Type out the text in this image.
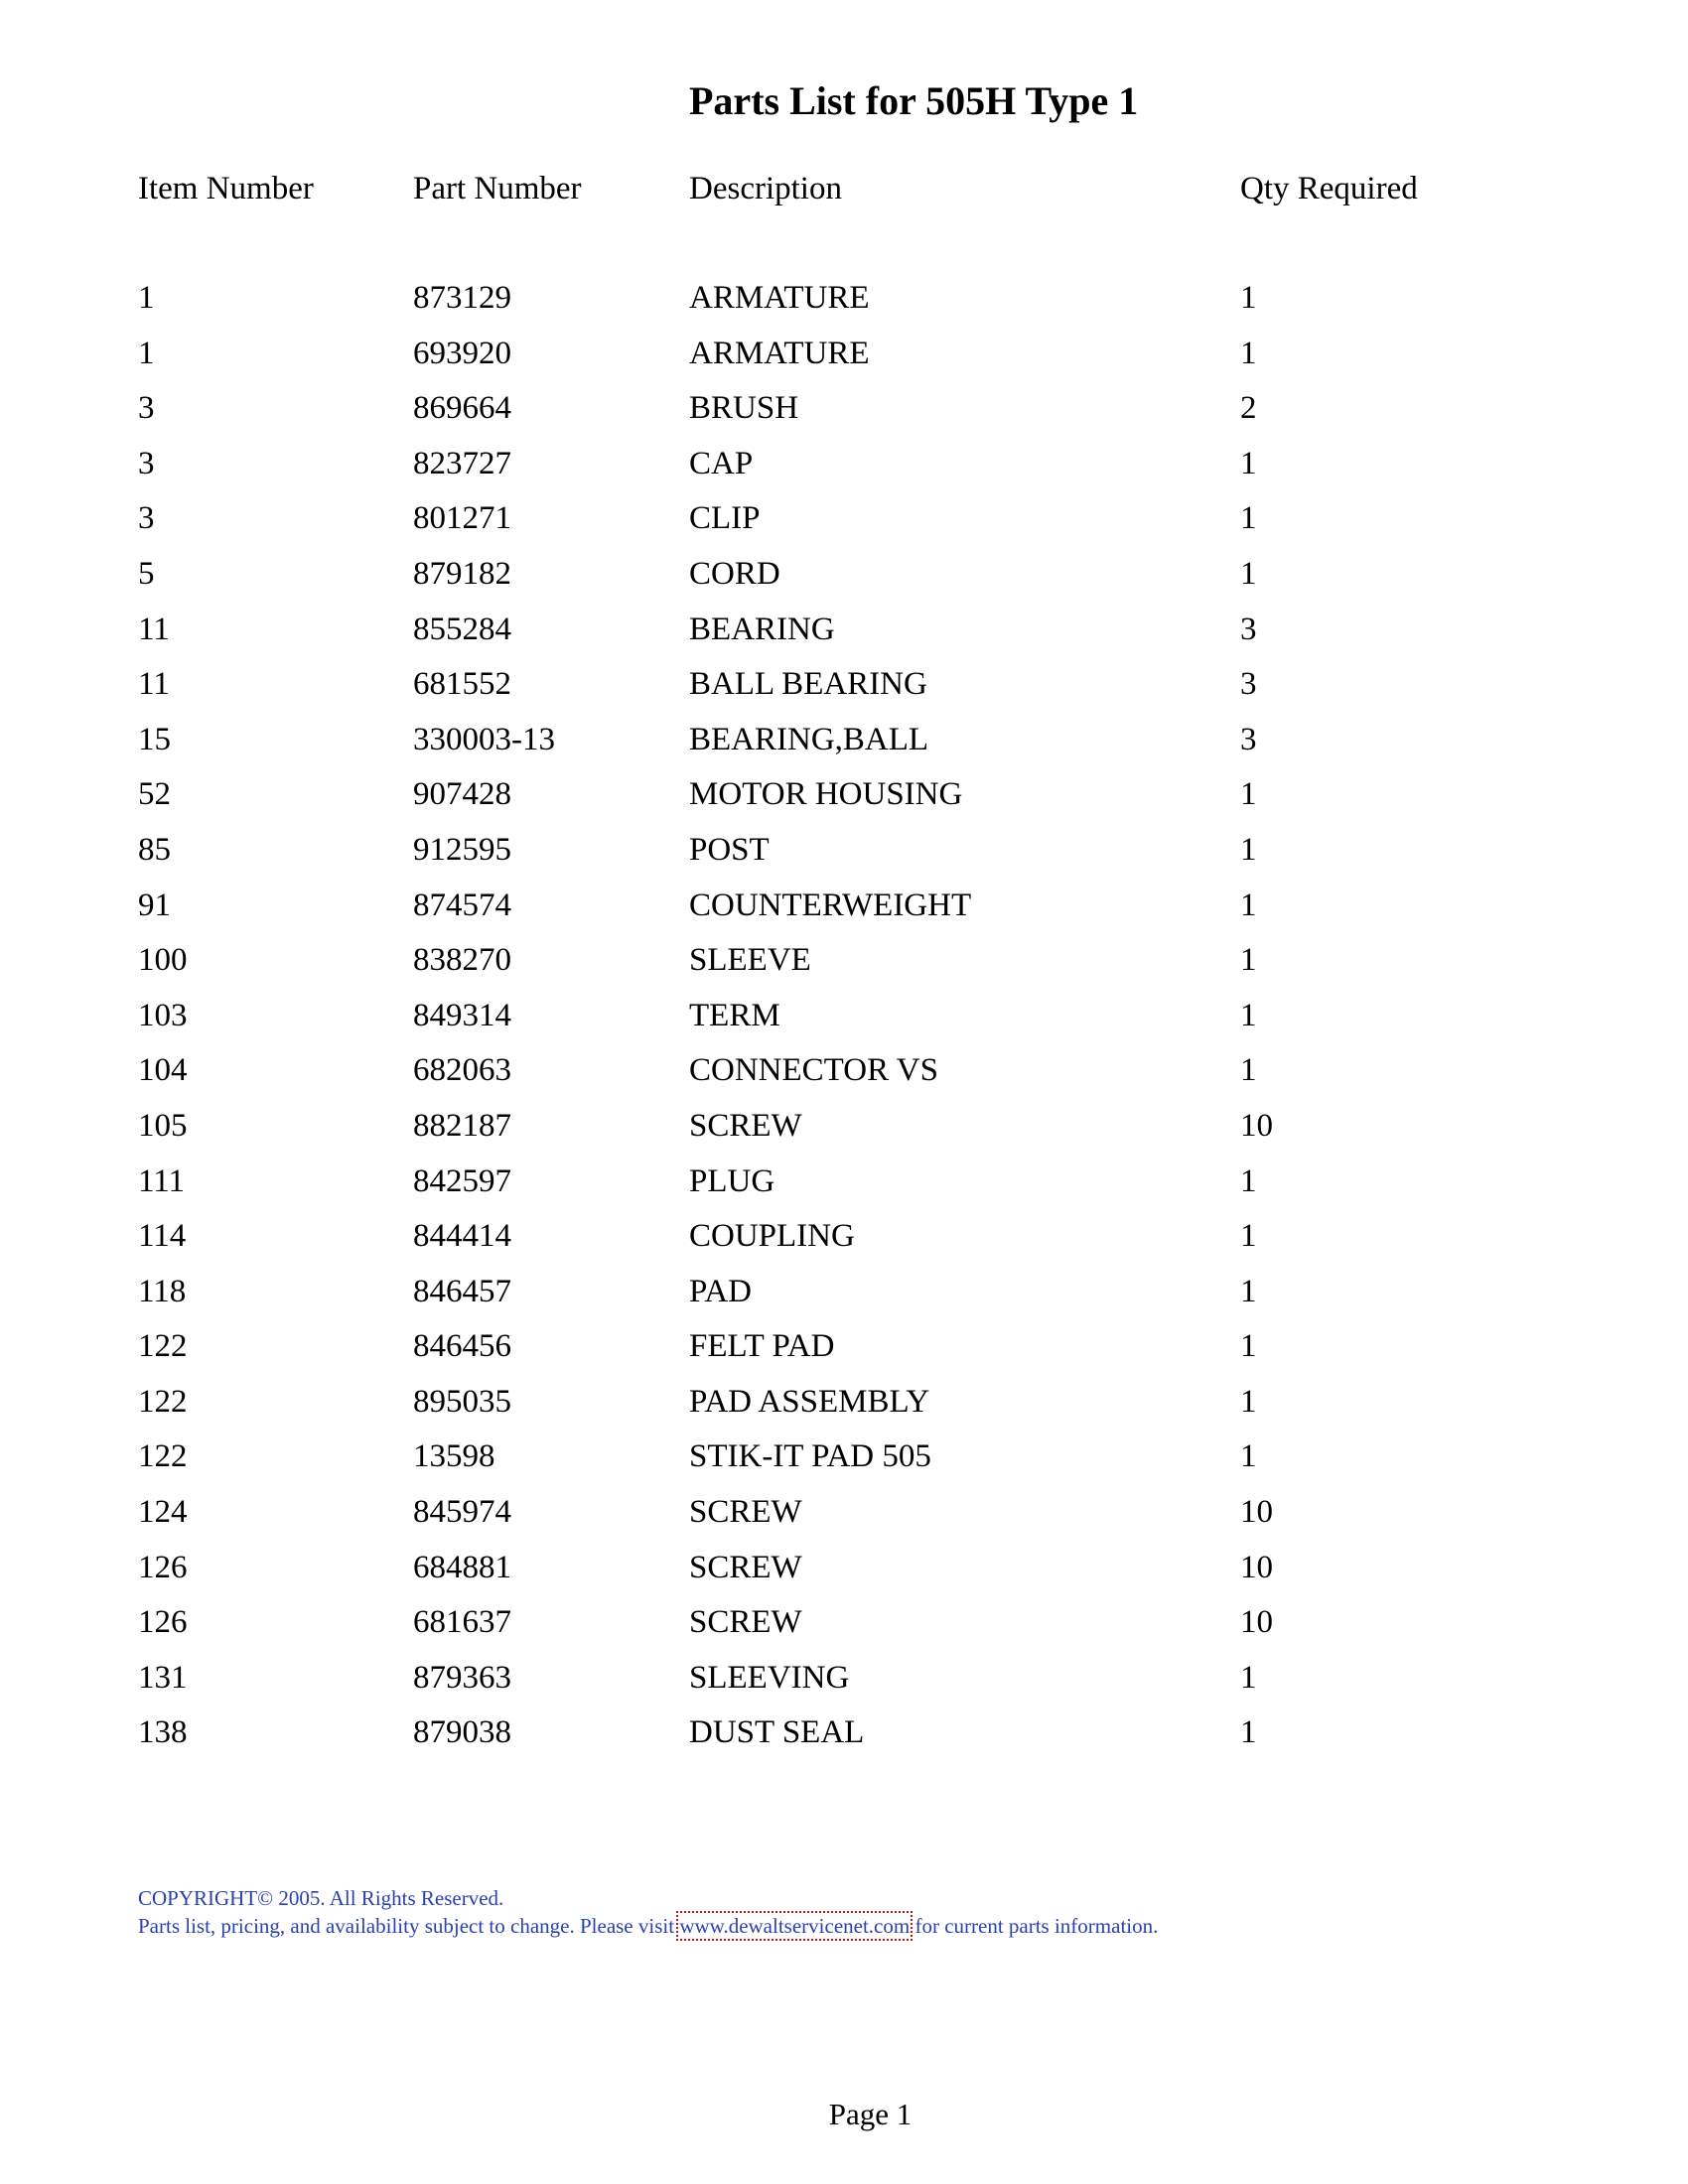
Parts List for 505H Type 1
Item Number	Part Number	Description	Qty Required
1	873129	ARMATURE	1
1	693920	ARMATURE	1
3	869664	BRUSH	2
3	823727	CAP	1
3	801271	CLIP	1
5	879182	CORD	1
11	855284	BEARING	3
11	681552	BALL BEARING	3
15	330003-13	BEARING,BALL	3
52	907428	MOTOR HOUSING	1
85	912595	POST	1
91	874574	COUNTERWEIGHT	1
100	838270	SLEEVE	1
103	849314	TERM	1
104	682063	CONNECTOR VS	1
105	882187	SCREW	10
111	842597	PLUG	1
114	844414	COUPLING	1
118	846457	PAD	1
122	846456	FELT PAD	1
122	895035	PAD ASSEMBLY	1
122	13598	STIK-IT PAD 505	1
124	845974	SCREW	10
126	684881	SCREW	10
126	681637	SCREW	10
131	879363	SLEEVING	1
138	879038	DUST SEAL	1
COPYRIGHT© 2005. All Rights Reserved.
Parts list, pricing, and availability subject to change. Please visit www.dewaltservicenet.com for current parts information.
Page 1
